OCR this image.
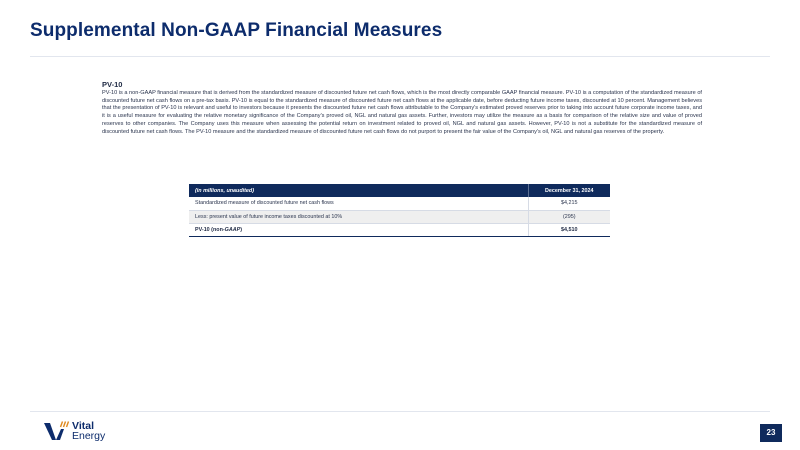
Supplemental Non-GAAP Financial Measures
PV-10
PV-10 is a non-GAAP financial measure that is derived from the standardized measure of discounted future net cash flows, which is the most directly comparable GAAP financial measure. PV-10 is a computation of the standardized measure of discounted future net cash flows on a pre-tax basis. PV-10 is equal to the standardized measure of discounted future net cash flows at the applicable date, before deducting future income taxes, discounted at 10 percent. Management believes that the presentation of PV-10 is relevant and useful to investors because it presents the discounted future net cash flows attributable to the Company's estimated proved reserves prior to taking into account future corporate income taxes, and it is a useful measure for evaluating the relative monetary significance of the Company's proved oil, NGL and natural gas assets. Further, investors may utilize the measure as a basis for comparison of the relative size and value of proved reserves to other companies. The Company uses this measure when assessing the potential return on investment related to proved oil, NGL and natural gas assets. However, PV-10 is not a substitute for the standardized measure of discounted future net cash flows. The PV-10 measure and the standardized measure of discounted future net cash flows do not purport to present the fair value of the Company's oil, NGL and natural gas reserves of the property.
(in millions, unaudited)	December 31, 2024
Standardized measure of discounted future net cash flows	$4,215
Less: present value of future income taxes discounted at 10%	(295)
PV-10 (non-GAAP)	$4,510
Vital
Energy	23
